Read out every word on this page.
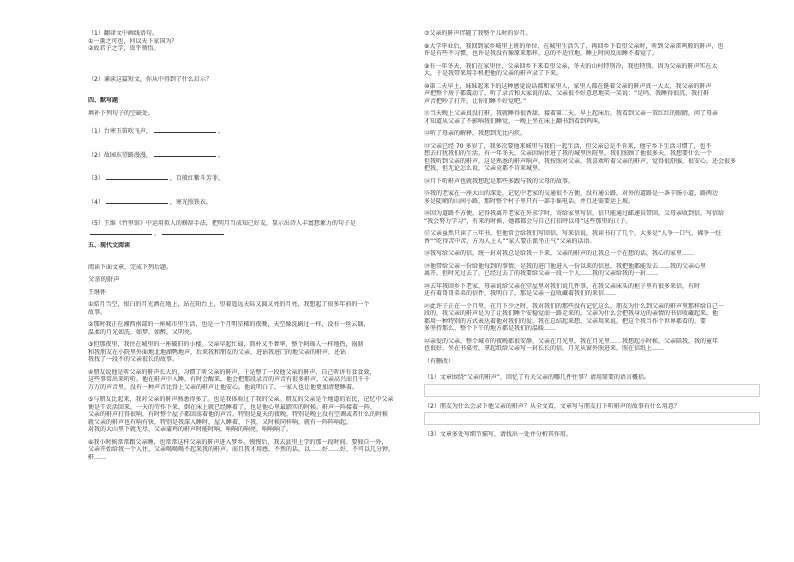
（1）翻译文中画线语句。
①一薰之可也，何以天下家国为？
②故君子之学，贵乎领悟。
（2）诵读这篇短文，你从中得到了什么启示？
四、默写题
填补下列句子的空缺处。
（1）台寒玉笛吹飞声，	。
（2）故园东望路漫漫，	。
（3）	，百般红紫斗芳菲。
（4）	，寒光照铁衣。
（5）王维《竹里馆》中运用拟人的修辞手法，把明月当成知己好友，显示出诗人丰富想象力的句子是
，
五、现代文阅读
阅读下面文章，完成下列后题。
父亲的鼾声
王继怀
①皓月当空，银白的月光洒在地上，站在阳台上，望着遥远天际又圆又亮的月亮，我想起了很多年前的一个
故事。
②那时我正在湘西南部的一座城市里生活，也是一个月明星稀的夜晚，天空像洗刷过一样，没有一丝云翳，
温柔的月光如洗，如梦，如醉，又明亮。
③但那夜里，我住在城里的一座破旧的小楼。父亲早起忙碌，简朴又不奢华，整个阿瑶人一样地热，锅鼎
和我朋友在小院里外面地北地湖鸭地声，后来我和朋友的父亲，进钻我进门的地父亲的鼾声，还钻
我找了一段不的父亲很长的故事。
④朋友说他是听父亲的鼾声长大的，习惯了听父亲的鼾声，于是整了一段他父亲的鼾声，自己听讲有食食效，
这些事常出来听听。他在鼾声中入睡，有时会醒来，他会把那段录音的声音有很多鼾声，父亲高兴而且千千
万万的声音里，没有一种声音比得上父亲的鼾声让他安心。他说明白了，一家人也让他更加清楚睡着。
⑤与朋友比起来，我对父亲的鼾声熟悉得多了。也是我体验过了我的父亲。朋友的父亲是个地道的农民，记忆中父亲
便是干农活回来，一天的劳作下来，倒在床上就已经睡着了，也是他心里最踏实的时候。鼾声一阵接着一阵，
父亲的鼾声打得很响，有时整个屋子都回荡着他的声音。特别是夏天的夜晚，特别是晚上没有空调或者什么的时候
就父亲的鼾声也有响有快，特别是我深入睡时，屋人睡着，下我，又时候同样响，就有一阵阵响起，
对我的大山里下就无尽，父亲蒲鸡的鼾声时能时响，响响的响亮，响响响了。
⑥我小时候常常跟父亲睡，也常常这样父亲的鼾声进入梦乡。慢慢后，我去县里上学的那一段时间。要独自一外，
父亲开始给我一个人住，父亲喝喝喝不起来我的鼾声。而且我才用感，不然的话，以……好……好，不可以几分钟，
鼾……
⑦父亲的鼾声伴随了我整个儿时的岁月。
⑧大学毕业后，我回到家乡城里上班的单位，在城里生活久了，再回乡下看望父亲时，听到父亲雷鸣般的鼾声，也
许是有些不习惯，也许是我没有像原来那样，总的不适宜地，睡上时间反而睡不着觉了。
⑨有一年冬天，我们在家里住，父亲回乡下来看望父亲，冬天的山村特别冷，我也特别。因为父亲的鼾声实在太
大，于是我带来用手机把他的父亲的鼾声录了下来。
⑩第二天早上，妹妹起来下的这种感觉说话都和家里人，家里人都在挺着父亲的鼾声真一大太，我父亲的鼾声
声把整个房子都震动了，听了录音和大家说的话，父亲很不好意思地笑一笑说：“是吗，我睡得很沉，我打鼾
声音把吵了打开，让你们睡不好觉吧。”
⑪当天晚上父亲真没打鼾，我就睡得很香甜。接着第二天，早上起床后，我看到父亲一双红红的眼睛，问了母亲
才知道从父亲了不影响我们睡觉，一晚上坐在床上翻书到看到鸡叫。
⑫听了母亲的解释，我想到无比内疚。
⑬父亲已经 70 多岁了，我多次要他来城里与我们一起生活，但父亲总是不肯来，他宁乡下生活习惯了，也不
想去打扰我们的生活。有一年冬天，父亲因病住进了我的城里医院里，我们照顾了他很多天，我想要什么一个
但我听到父亲的鼾声，这是熟悉的鼾声响声，我按照对父亲，我喜欢听着父亲的鼾声，觉得很舒服，很安心，还会很多
把我，但无论怎么说，父亲竟都不肯来城里。
⑭月下听鼾声也就我想起是那些多跟与我的父母的故事。
⑮我的老家在一座大山的深处，记忆中老家的交通很不方便，没有通公路，对外的道路是一条羊肠小道，路两边
多是陡峭的山间小路，那时整个村子里只有一部手摇电话，并且还需要运上坡。
⑯因为道路不方便，记得我离开老家在外求学时，寄给家里写信，信只能通过邮递员带回，父母亲收到信，写信给
“我会努力学习”，有来的时候，她都都会与自己打招呼以母“这些那里的日子。
⑰父亲虽然只读了三年书，但他常会给我们写回信，写来信说，我读书打了几个，大多是“人争一口气，佛争一炷
香”“吃得苦中苦，方为人上人”“家人要正派坐正气”父亲的话语。
⑱我写给父亲的信，统一封对我总是给我一下来，父亲的鼾声的让我总一个在想的话，我心的家里……
⑲他带给父亲一份给他每到的事情，是我的进门他进入一份以来的信息，我把他都能发去……我的父亲心里
离开。但时光过去了，已经过去了的我要给父亲一段一个人……我的父亲给我的一封……
⑳去年我回乡下老家，母亲说给父亲在堂屋里对我们说几件事，在我父亲床头的柜子里有很多来信，有时
还有着哥哥弟弟的信件，我明白了，那是父亲一直收藏着我们的来信……
㉑此许子正在一个月里，在月下少之时，我对我们的那些没有记忆这么，朋友为什么到父亲的鼾声里那样给自己一
段的，我父亲的鼾声是为了让我们睡个安稳觉而一路走来的，父亲为什么会把我身边的亲情的书信收藏起来，他
都用一种特别的方式表达着他对我们的爱，我在总结起来想，父亲用来说，把这个我当作个世界都看的，要
多坚持那么，整个下午的地方都是我们的温暖……
㉒亲爱的父亲，整个城市的夜晚都很安静，父亲在月光里，我在月光里……我想起小时候，父亲陪我，我的童年
也很好，坐在书桌旁，拿起纸给父亲写一封长长的信，月光从窗外照进来，照在信纸上……
（有删改）
（1）文章围绕“父亲的鼾声”，回忆了有关父亲的哪几件往事？请用简要的语言概括。
（2）朋友为什么会录下他父亲的鼾声？从全文看，文章写与朋友打下听鼾声的故事有什么用意？
（3）文章多处写细节描写，请找出一处并分析其作用。
